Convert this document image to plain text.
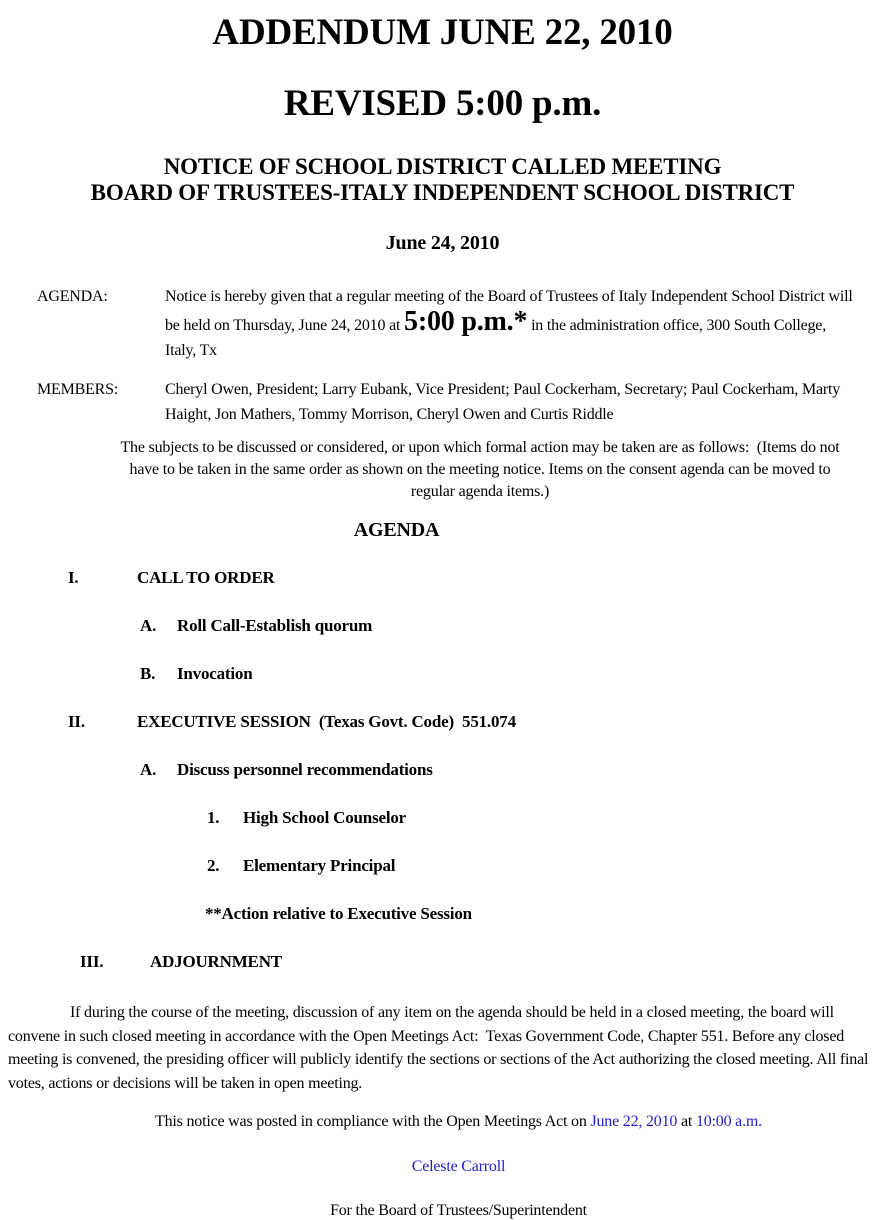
ADDENDUM JUNE 22, 2010
REVISED 5:00 p.m.
NOTICE OF SCHOOL DISTRICT CALLED MEETING
BOARD OF TRUSTEES-ITALY INDEPENDENT SCHOOL DISTRICT
June 24, 2010
AGENDA:	Notice is hereby given that a regular meeting of the Board of Trustees of Italy Independent School District will be held on Thursday, June 24, 2010 at 5:00 p.m.* in the administration office, 300 South College, Italy, Tx
MEMBERS:	Cheryl Owen, President; Larry Eubank, Vice President; Paul Cockerham, Secretary; Paul Cockerham, Marty Haight, Jon Mathers, Tommy Morrison, Cheryl Owen and Curtis Riddle
The subjects to be discussed or considered, or upon which formal action may be taken are as follows:  (Items do not have to be taken in the same order as shown on the meeting notice. Items on the consent agenda can be moved to regular agenda items.)
AGENDA
I.	CALL TO ORDER
A.	Roll Call-Establish quorum
B.	Invocation
II.	EXECUTIVE SESSION  (Texas Govt. Code)  551.074
A.	Discuss personnel recommendations
1.	High School Counselor
2.	Elementary Principal
**Action relative to Executive Session
III.	ADJOURNMENT
If during the course of the meeting, discussion of any item on the agenda should be held in a closed meeting, the board will convene in such closed meeting in accordance with the Open Meetings Act:  Texas Government Code, Chapter 551. Before any closed meeting is convened, the presiding officer will publicly identify the sections or sections of the Act authorizing the closed meeting. All final votes, actions or decisions will be taken in open meeting.
This notice was posted in compliance with the Open Meetings Act on June 22, 2010 at 10:00 a.m.
Celeste Carroll
For the Board of Trustees/Superintendent
